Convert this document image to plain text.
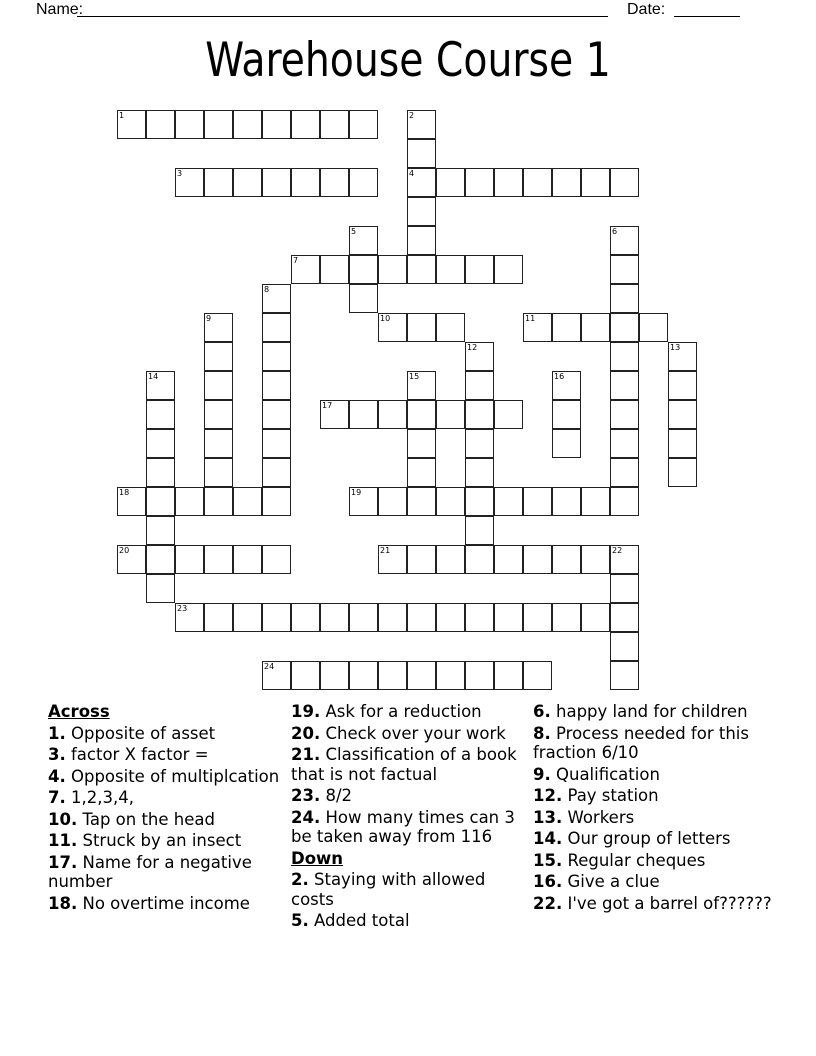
Name:	Date:
Warehouse Course 1
1	2
4
3
5	6
7
8
9	10	11
12	13
14	15	16
17
18	19
20	21	22
23
24
Across
1. Opposite of asset
3. factor X factor =
4. Opposite of multiplcation
7. 1,2,3,4,
10. Tap on the head
11. Struck by an insect
17. Name for a negative number
18. No overtime income
19. Ask for a reduction
20. Check over your work
21. Classification of a book that is not factual
23. 8/2
24. How many times can 3 be taken away from 116
Down
2. Staying with allowed costs
5. Added total
6. happy land for children
8. Process needed for this fraction 6/10
9. Qualification
12. Pay station
13. Workers
14. Our group of letters
15. Regular cheques
16. Give a clue
22. I've got a barrel of??????
